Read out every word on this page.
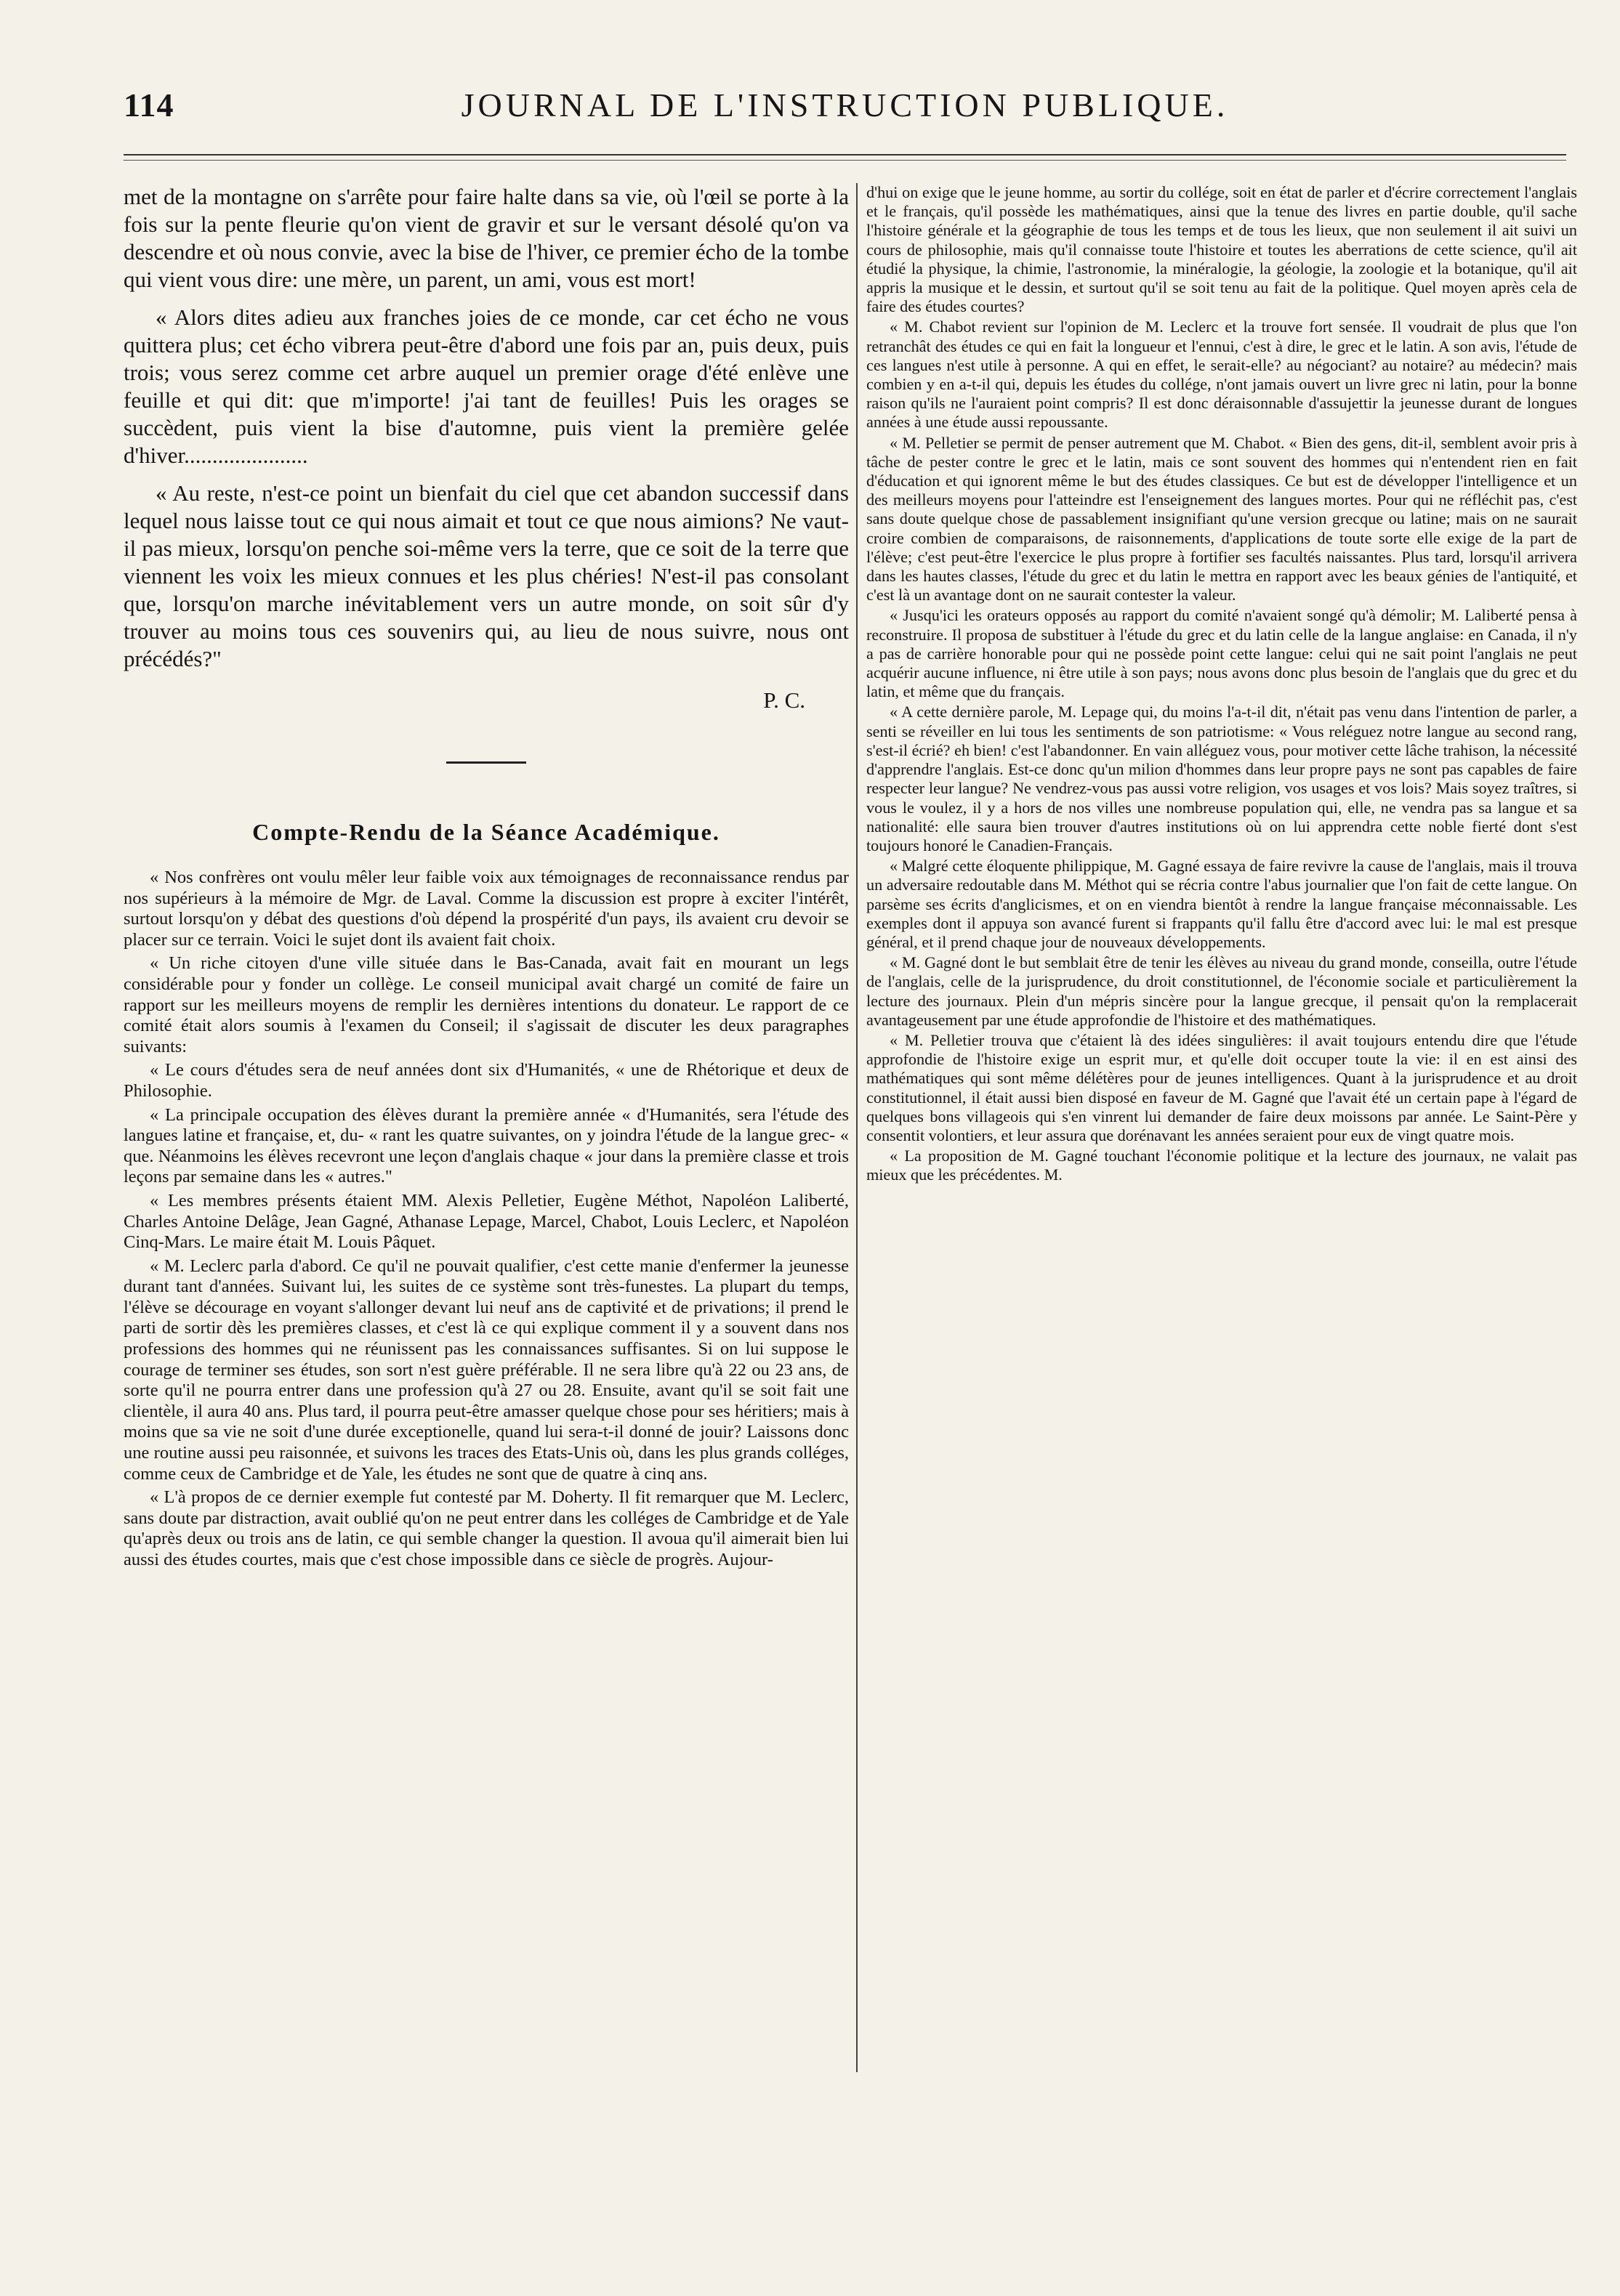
114	JOURNAL DE L'INSTRUCTION PUBLIQUE.

met de la montagne on s'arrête pour faire halte dans sa vie, où l'œil se porte à la fois sur la pente fleurie qu'on vient de gravir et sur le versant désolé qu'on va descendre et où nous convie, avec la bise de l'hiver, ce premier écho de la tombe qui vient vous dire: une mère, un parent, un ami, vous est mort!

« Alors dites adieu aux franches joies de ce monde, car cet écho ne vous quittera plus; cet écho vibrera peut-être d'abord une fois par an, puis deux, puis trois; vous serez comme cet arbre auquel un premier orage d'été enlève une feuille et qui dit: que m'importe! j'ai tant de feuilles! Puis les orages se succèdent, puis vient la bise d'automne, puis vient la première gelée d'hiver......................

« Au reste, n'est-ce point un bienfait du ciel que cet abandon successif dans lequel nous laisse tout ce qui nous aimait et tout ce que nous aimions? Ne vaut-il pas mieux, lorsqu'on penche soi-même vers la terre, que ce soit de la terre que viennent les voix les mieux connues et les plus chéries! N'est-il pas consolant que, lorsqu'on marche inévitablement vers un autre monde, on soit sûr d'y trouver au moins tous ces souvenirs qui, au lieu de nous suivre, nous ont précédés?"

P. C.
Compte-Rendu de la Séance Académique.

« Nos confrères ont voulu mêler leur faible voix aux témoignages de reconnaissance rendus par nos supérieurs à la mémoire de Mgr. de Laval. Comme la discussion est propre à exciter l'intérêt, surtout lorsqu'on y débat des questions d'où dépend la prospérité d'un pays, ils avaient cru devoir se placer sur ce terrain. Voici le sujet dont ils avaient fait choix.

« Un riche citoyen d'une ville située dans le Bas-Canada, avait fait en mourant un legs considérable pour y fonder un collège. Le conseil municipal avait chargé un comité de faire un rapport sur les meilleurs moyens de remplir les dernières intentions du donateur. Le rapport de ce comité était alors soumis à l'examen du Conseil; il s'agissait de discuter les deux paragraphes suivants:

« Le cours d'études sera de neuf années dont six d'Humanités, « une de Rhétorique et deux de Philosophie.

« La principale occupation des élèves durant la première année « d'Humanités, sera l'étude des langues latine et française, et, du- « rant les quatre suivantes, on y joindra l'étude de la langue grec- « que. Néanmoins les élèves recevront une leçon d'anglais chaque « jour dans la première classe et trois leçons par semaine dans les « autres."

« Les membres présents étaient MM. Alexis Pelletier, Eugène Méthot, Napoléon Laliberté, Charles Antoine Delâge, Jean Gagné, Athanase Lepage, Marcel, Chabot, Louis Leclerc, et Napoléon Cinq-Mars. Le maire était M. Louis Pâquet.

« M. Leclerc parla d'abord. Ce qu'il ne pouvait qualifier, c'est cette manie d'enfermer la jeunesse durant tant d'années. Suivant lui, les suites de ce système sont très-funestes. La plupart du temps, l'élève se décourage en voyant s'allonger devant lui neuf ans de captivité et de privations; il prend le parti de sortir dès les premières classes, et c'est là ce qui explique comment il y a souvent dans nos professions des hommes qui ne réunissent pas les connaissances suffisantes. Si on lui suppose le courage de terminer ses études, son sort n'est guère préférable. Il ne sera libre qu'à 22 ou 23 ans, de sorte qu'il ne pourra entrer dans une profession qu'à 27 ou 28. Ensuite, avant qu'il se soit fait une clientèle, il aura 40 ans. Plus tard, il pourra peut-être amasser quelque chose pour ses héritiers; mais à moins que sa vie ne soit d'une durée exceptionelle, quand lui sera-t-il donné de jouir? Laissons donc une routine aussi peu raisonnée, et suivons les traces des Etats-Unis où, dans les plus grands colléges, comme ceux de Cambridge et de Yale, les études ne sont que de quatre à cinq ans.

« L'à propos de ce dernier exemple fut contesté par M. Doherty. Il fit remarquer que M. Leclerc, sans doute par distraction, avait oublié qu'on ne peut entrer dans les colléges de Cambridge et de Yale qu'après deux ou trois ans de latin, ce qui semble changer la question. Il avoua qu'il aimerait bien lui aussi des études courtes, mais que c'est chose impossible dans ce siècle de progrès. Aujour-

d'hui on exige que le jeune homme, au sortir du collége, soit en état de parler et d'écrire correctement l'anglais et le français, qu'il possède les mathématiques, ainsi que la tenue des livres en partie double, qu'il sache l'histoire générale et la géographie de tous les temps et de tous les lieux, que non seulement il ait suivi un cours de philosophie, mais qu'il connaisse toute l'histoire et toutes les aberrations de cette science, qu'il ait étudié la physique, la chimie, l'astronomie, la minéralogie, la géologie, la zoologie et la botanique, qu'il ait appris la musique et le dessin, et surtout qu'il se soit tenu au fait de la politique. Quel moyen après cela de faire des études courtes?

« M. Chabot revient sur l'opinion de M. Leclerc et la trouve fort sensée. Il voudrait de plus que l'on retranchât des études ce qui en fait la longueur et l'ennui, c'est à dire, le grec et le latin. A son avis, l'étude de ces langues n'est utile à personne. A qui en effet, le serait-elle? au négociant? au notaire? au médecin? mais combien y en a-t-il qui, depuis les études du collége, n'ont jamais ouvert un livre grec ni latin, pour la bonne raison qu'ils ne l'auraient point compris? Il est donc déraisonnable d'assujettir la jeunesse durant de longues années à une étude aussi repoussante.

« M. Pelletier se permit de penser autrement que M. Chabot. « Bien des gens, dit-il, semblent avoir pris à tâche de pester contre le grec et le latin, mais ce sont souvent des hommes qui n'entendent rien en fait d'éducation et qui ignorent même le but des études classiques. Ce but est de développer l'intelligence et un des meilleurs moyens pour l'atteindre est l'enseignement des langues mortes. Pour qui ne réfléchit pas, c'est sans doute quelque chose de passablement insignifiant qu'une version grecque ou latine; mais on ne saurait croire combien de comparaisons, de raisonnements, d'applications de toute sorte elle exige de la part de l'élève; c'est peut-être l'exercice le plus propre à fortifier ses facultés naissantes. Plus tard, lorsqu'il arrivera dans les hautes classes, l'étude du grec et du latin le mettra en rapport avec les beaux génies de l'antiquité, et c'est là un avantage dont on ne saurait contester la valeur.

« Jusqu'ici les orateurs opposés au rapport du comité n'avaient songé qu'à démolir; M. Laliberté pensa à reconstruire. Il proposa de substituer à l'étude du grec et du latin celle de la langue anglaise: en Canada, il n'y a pas de carrière honorable pour qui ne possède point cette langue: celui qui ne sait point l'anglais ne peut acquérir aucune influence, ni être utile à son pays; nous avons donc plus besoin de l'anglais que du grec et du latin, et même que du français.

« A cette dernière parole, M. Lepage qui, du moins l'a-t-il dit, n'était pas venu dans l'intention de parler, a senti se réveiller en lui tous les sentiments de son patriotisme: « Vous reléguez notre langue au second rang, s'est-il écrié? eh bien! c'est l'abandonner. En vain alléguez vous, pour motiver cette lâche trahison, la nécessité d'apprendre l'anglais. Est-ce donc qu'un milion d'hommes dans leur propre pays ne sont pas capables de faire respecter leur langue? Ne vendrez-vous pas aussi votre religion, vos usages et vos lois? Mais soyez traîtres, si vous le voulez, il y a hors de nos villes une nombreuse population qui, elle, ne vendra pas sa langue et sa nationalité: elle saura bien trouver d'autres institutions où on lui apprendra cette noble fierté dont s'est toujours honoré le Canadien-Français.

« Malgré cette éloquente philippique, M. Gagné essaya de faire revivre la cause de l'anglais, mais il trouva un adversaire redoutable dans M. Méthot qui se récria contre l'abus journalier que l'on fait de cette langue. On parsème ses écrits d'anglicismes, et on en viendra bientôt à rendre la langue française méconnaissable. Les exemples dont il appuya son avancé furent si frappants qu'il fallu être d'accord avec lui: le mal est presque général, et il prend chaque jour de nouveaux développements.

« M. Gagné dont le but semblait être de tenir les élèves au niveau du grand monde, conseilla, outre l'étude de l'anglais, celle de la jurisprudence, du droit constitutionnel, de l'économie sociale et particulièrement la lecture des journaux. Plein d'un mépris sincère pour la langue grecque, il pensait qu'on la remplacerait avantageusement par une étude approfondie de l'histoire et des mathématiques.

« M. Pelletier trouva que c'étaient là des idées singulières: il avait toujours entendu dire que l'étude approfondie de l'histoire exige un esprit mur, et qu'elle doit occuper toute la vie: il en est ainsi des mathématiques qui sont même délétères pour de jeunes intelligences. Quant à la jurisprudence et au droit constitutionnel, il était aussi bien disposé en faveur de M. Gagné que l'avait été un certain pape à l'égard de quelques bons villageois qui s'en vinrent lui demander de faire deux moissons par année. Le Saint-Père y consentit volontiers, et leur assura que dorénavant les années seraient pour eux de vingt quatre mois.

« La proposition de M. Gagné touchant l'économie politique et la lecture des journaux, ne valait pas mieux que les précédentes. M.
